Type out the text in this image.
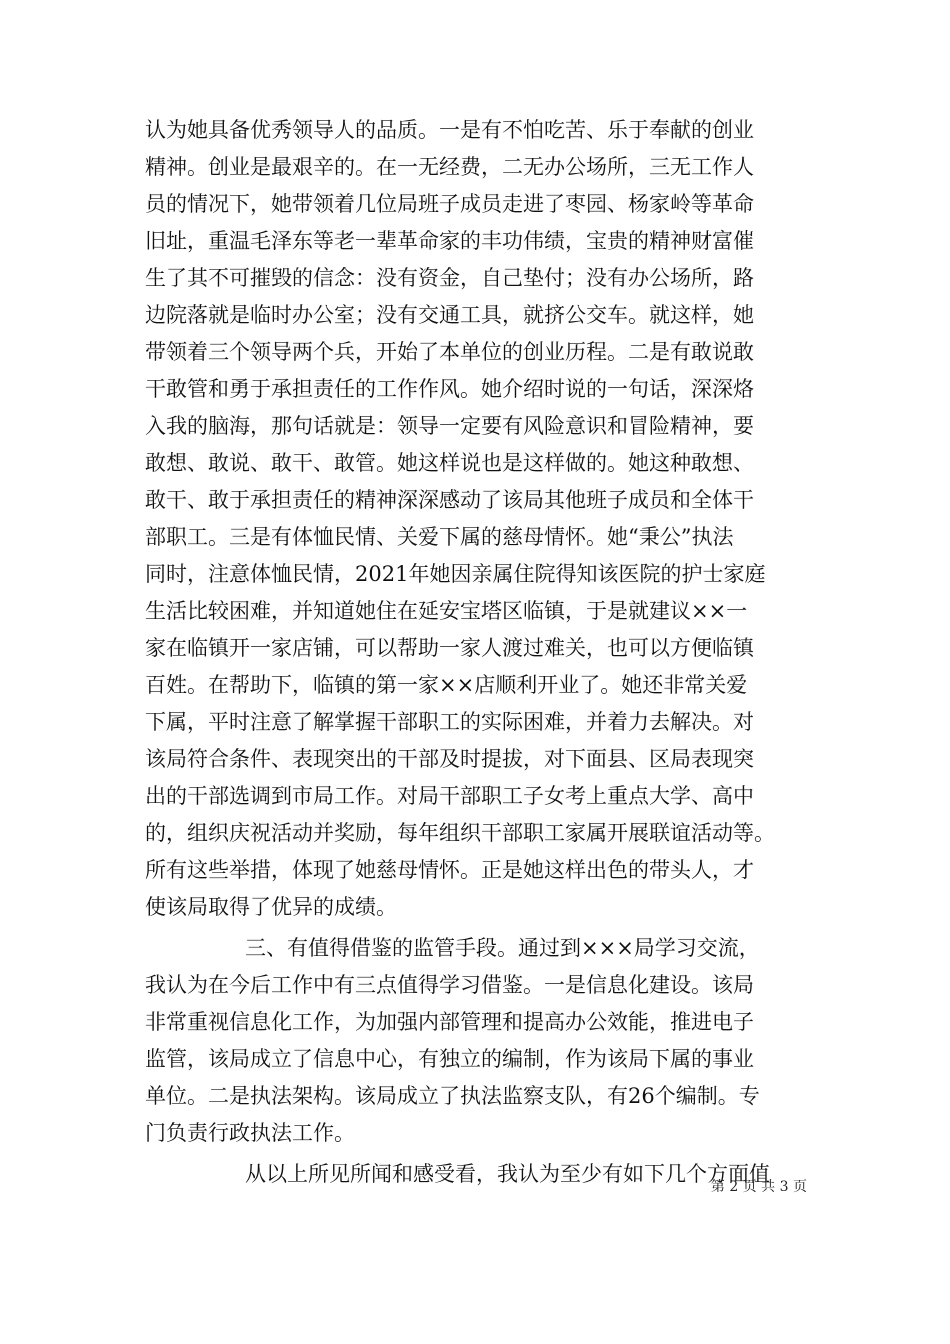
认为她具备优秀领导人的品质。一是有不怕吃苦、乐于奉献的创业
精神。创业是最艰辛的。在一无经费，二无办公场所，三无工作人
员的情况下，她带领着几位局班子成员走进了枣园、杨家岭等革命
旧址，重温毛泽东等老一辈革命家的丰功伟绩，宝贵的精神财富催
生了其不可摧毁的信念：没有资金，自己垫付；没有办公场所，路
边院落就是临时办公室；没有交通工具，就挤公交车。就这样，她
带领着三个领导两个兵，开始了本单位的创业历程。二是有敢说敢
干敢管和勇于承担责任的工作作风。她介绍时说的一句话，深深烙
入我的脑海，那句话就是：领导一定要有风险意识和冒险精神，要
敢想、敢说、敢干、敢管。她这样说也是这样做的。她这种敢想、
敢干、敢于承担责任的精神深深感动了该局其他班子成员和全体干
部职工。三是有体恤民情、关爱下属的慈母情怀。她“秉公”执法
同时，注意体恤民情，2021年她因亲属住院得知该医院的护士家庭
生活比较困难，并知道她住在延安宝塔区临镇，于是就建议××一
家在临镇开一家店铺，可以帮助一家人渡过难关，也可以方便临镇
百姓。在帮助下，临镇的第一家××店顺利开业了。她还非常关爱
下属，平时注意了解掌握干部职工的实际困难，并着力去解决。对
该局符合条件、表现突出的干部及时提拔，对下面县、区局表现突
出的干部选调到市局工作。对局干部职工子女考上重点大学、高中
的，组织庆祝活动并奖励，每年组织干部职工家属开展联谊活动等。
所有这些举措，体现了她慈母情怀。正是她这样出色的带头人，才
使该局取得了优异的成绩。
三、有值得借鉴的监管手段。通过到×××局学习交流，
我认为在今后工作中有三点值得学习借鉴。一是信息化建设。该局
非常重视信息化工作，为加强内部管理和提高办公效能，推进电子
监管，该局成立了信息中心，有独立的编制，作为该局下属的事业
单位。二是执法架构。该局成立了执法监察支队，有26个编制。专
门负责行政执法工作。
从以上所见所闻和感受看，我认为至少有如下几个方面值
第 2 页 共 3 页
